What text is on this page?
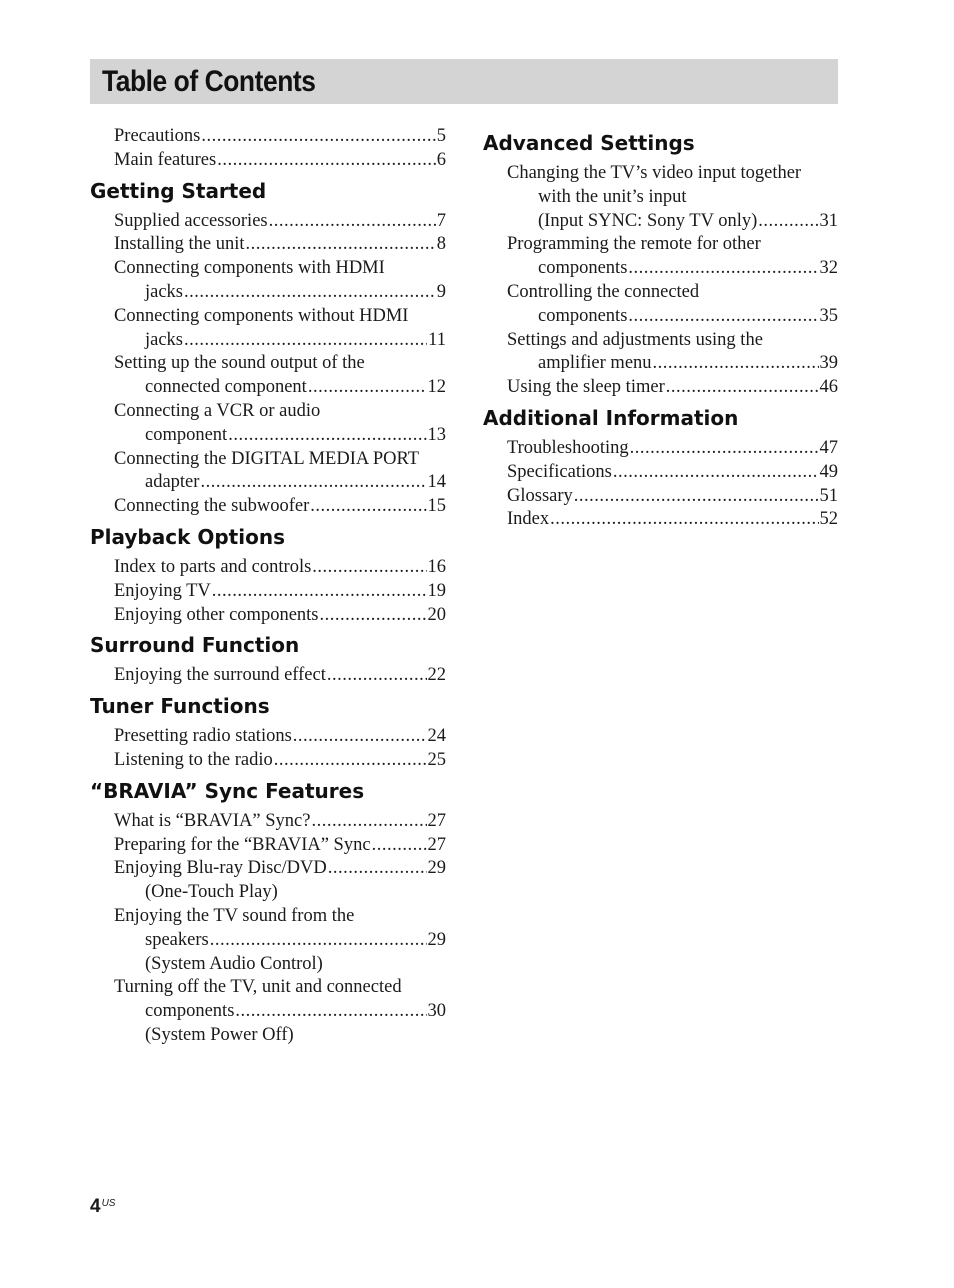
Table of Contents
Precautions .....	5
Main features .....	6
Getting Started
Supplied accessories .....	7
Installing the unit .....	8
Connecting components with HDMI
jacks .....	9
Connecting components without HDMI
jacks .....	11
Setting up the sound output of the
connected component .....	12
Connecting a VCR or audio
component .....	13
Connecting the DIGITAL MEDIA PORT
adapter .....	14
Connecting the subwoofer .....	15
Playback Options
Index to parts and controls .....	16
Enjoying TV .....	19
Enjoying other components .....	20
Surround Function
Enjoying the surround effect .....	22
Tuner Functions
Presetting radio stations .....	24
Listening to the radio .....	25
“BRAVIA” Sync Features
What is “BRAVIA” Sync? .....	27
Preparing for the “BRAVIA” Sync .....	27
Enjoying Blu-ray Disc/DVD .....	29
(One-Touch Play)
Enjoying the TV sound from the
speakers .....	29
(System Audio Control)
Turning off the TV, unit and connected
components .....	30
(System Power Off)
Advanced Settings
Changing the TV’s video input together
with the unit’s input
(Input SYNC: Sony TV only) .....	31
Programming the remote for other
components .....	32
Controlling the connected
components .....	35
Settings and adjustments using the
amplifier menu .....	39
Using the sleep timer .....	46
Additional Information
Troubleshooting .....	47
Specifications .....	49
Glossary .....	51
Index .....	52
$4^{US}$
